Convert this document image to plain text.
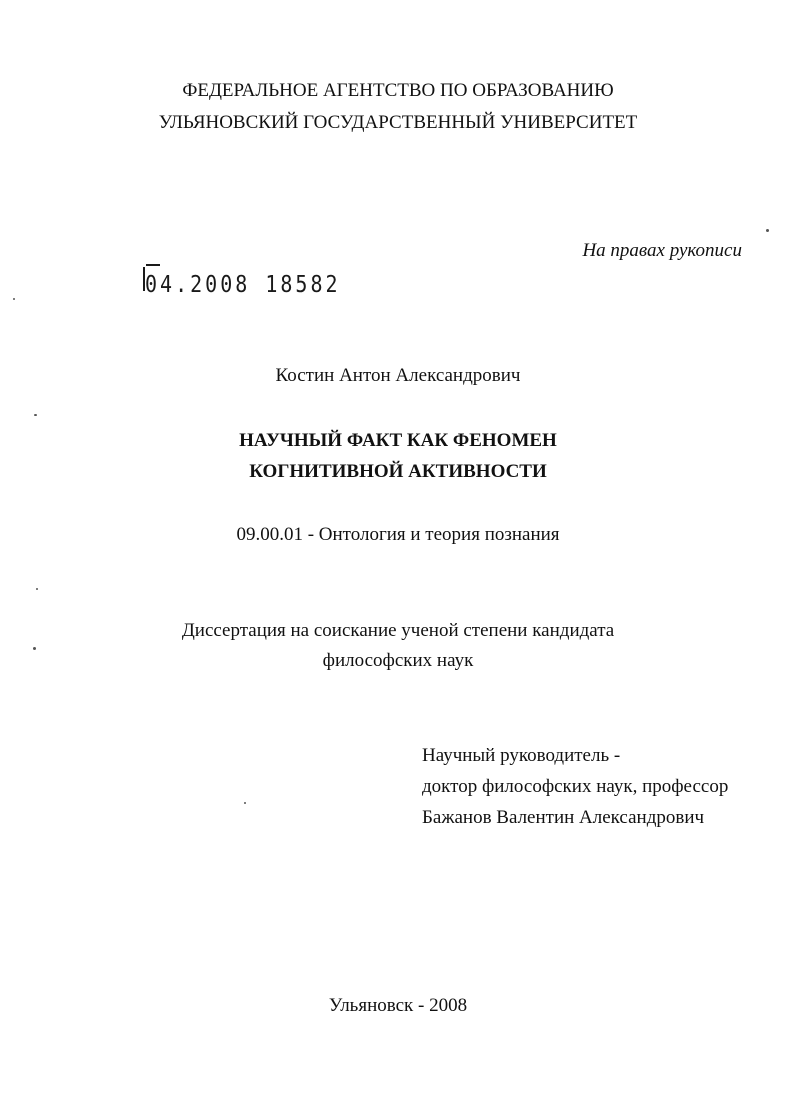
ФЕДЕРАЛЬНОЕ АГЕНТСТВО ПО ОБРАЗОВАНИЮ
УЛЬЯНОВСКИЙ ГОСУДАРСТВЕННЫЙ УНИВЕРСИТЕТ
На правах рукописи
04.2008 18582
Костин Антон Александрович
НАУЧНЫЙ ФАКТ КАК ФЕНОМЕН
КОГНИТИВНОЙ АКТИВНОСТИ
09.00.01 - Онтология и теория познания
Диссертация на соискание ученой степени кандидата
философских наук
Научный руководитель -
доктор философских наук, профессор
Бажанов Валентин Александрович
Ульяновск - 2008
